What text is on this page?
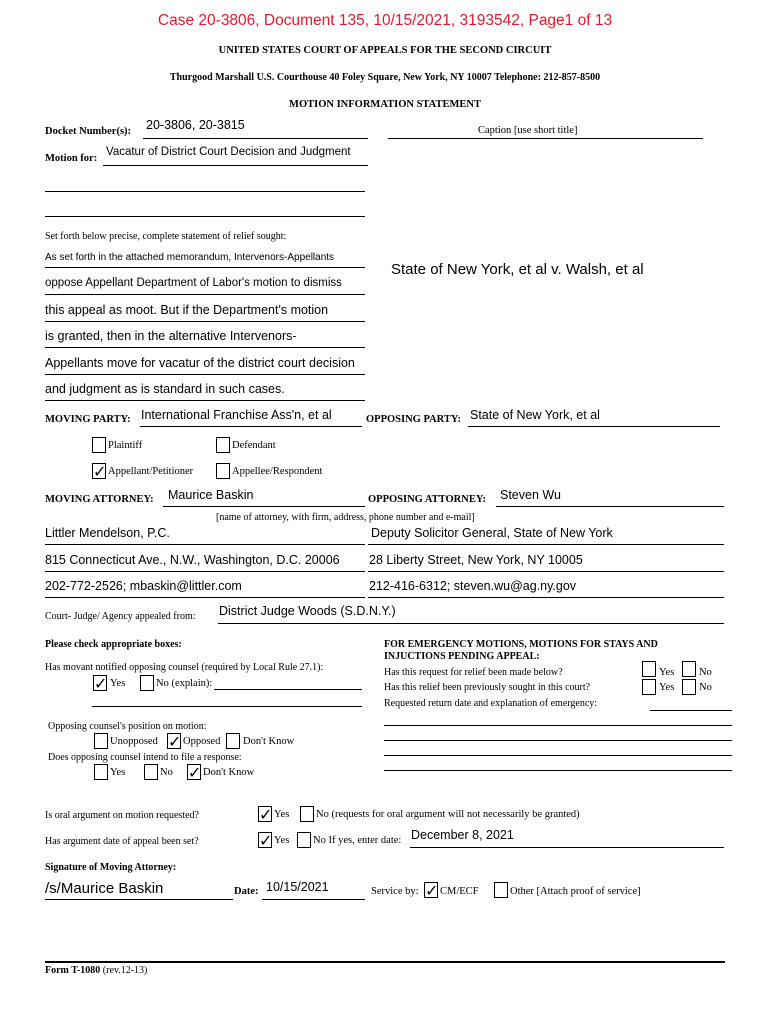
Case 20-3806, Document 135, 10/15/2021, 3193542, Page1 of 13
UNITED STATES COURT OF APPEALS FOR THE SECOND CIRCUIT
Thurgood Marshall U.S. Courthouse 40 Foley Square, New York, NY 10007 Telephone: 212-857-8500
MOTION INFORMATION STATEMENT
Docket Number(s): 20-3806, 20-3815	Caption [use short title]
Motion for:
Vacatur of District Court Decision and Judgment
Set forth below precise, complete statement of relief sought:
As set forth in the attached memorandum, Intervenors-Appellants
oppose Appellant Department of Labor's motion to dismiss
this appeal as moot. But if the Department's motion
is granted, then in the alternative Intervenors-
Appellants move for vacatur of the district court decision
and judgment as is standard in such cases.
State of New York, et al v. Walsh, et al
MOVING PARTY: International Franchise Ass'n, et al	OPPOSING PARTY: State of New York, et al
Plaintiff	Defendant
✓ Appellant/Petitioner	Appellee/Respondent
MOVING ATTORNEY: Maurice Baskin	OPPOSING ATTORNEY: Steven Wu
[name of attorney, with firm, address, phone number and e-mail]
Littler Mendelson, P.C.
815 Connecticut Ave., N.W., Washington, D.C. 20006
202-772-2526; mbaskin@littler.com
Deputy Solicitor General, State of New York
28 Liberty Street, New York, NY 10005
212-416-6312; steven.wu@ag.ny.gov
Court- Judge/ Agency appealed from: District Judge Woods (S.D.N.Y.)
Please check appropriate boxes:
Has movant notified opposing counsel (required by Local Rule 27.1):
✓ Yes	No (explain):
Opposing counsel's position on motion:
Unopposed ✓ Opposed Don't Know
Does opposing counsel intend to file a response:
Yes	No ✓ Don't Know
FOR EMERGENCY MOTIONS, MOTIONS FOR STAYS AND
INJUCTIONS PENDING APPEAL:
Has this request for relief been made below?	Yes No
Has this relief been previously sought in this court?	Yes No
Requested return date and explanation of emergency:
Is oral argument on motion requested?	✓ Yes	No (requests for oral argument will not necessarily be granted)
Has argument date of appeal been set?	✓ Yes No If yes, enter date: December 8, 2021
Signature of Moving Attorney:
/s/Maurice Baskin	Date: 10/15/2021	Service by: ✓ CM/ECF	Other [Attach proof of service]
Form T-1080 (rev.12-13)
